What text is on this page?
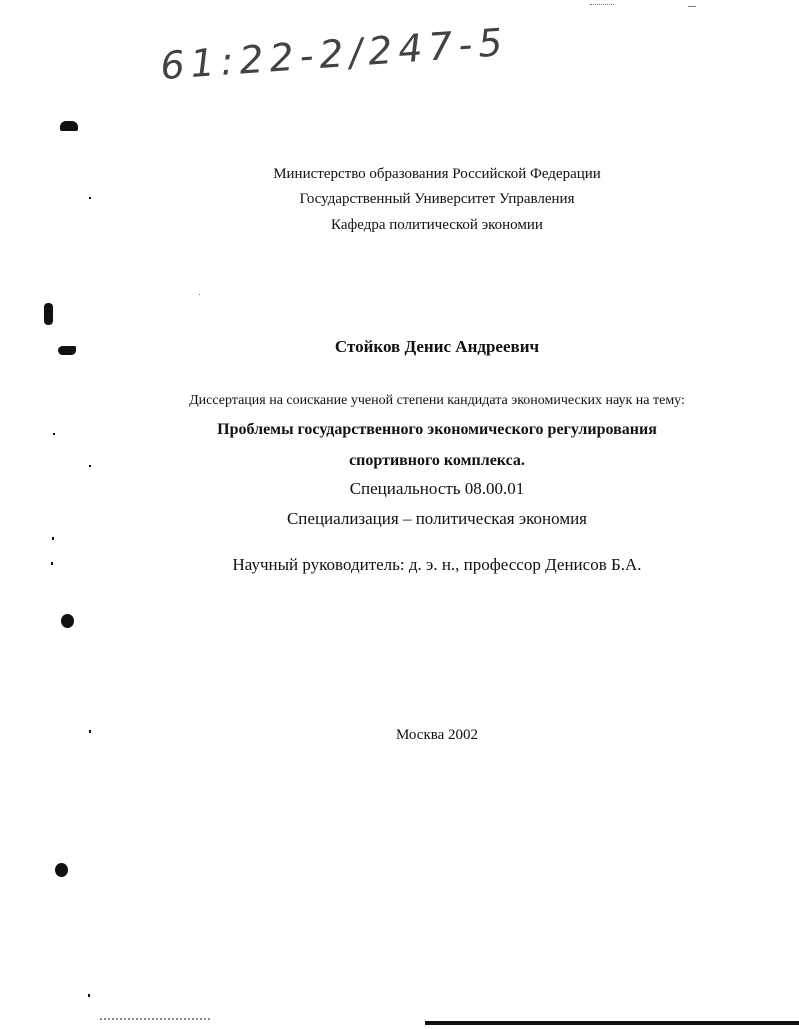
61:22-2/247-5
Министерство образования Российской Федерации
Государственный Университет Управления
Кафедра политической экономии
Стойков Денис Андреевич
Диссертация на соискание ученой степени кандидата экономических наук на тему:
Проблемы государственного экономического регулирования
спортивного комплекса.
Специальность 08.00.01
Специализация – политическая экономия
Научный руководитель: д. э. н., профессор Денисов Б.А.
Москва 2002
